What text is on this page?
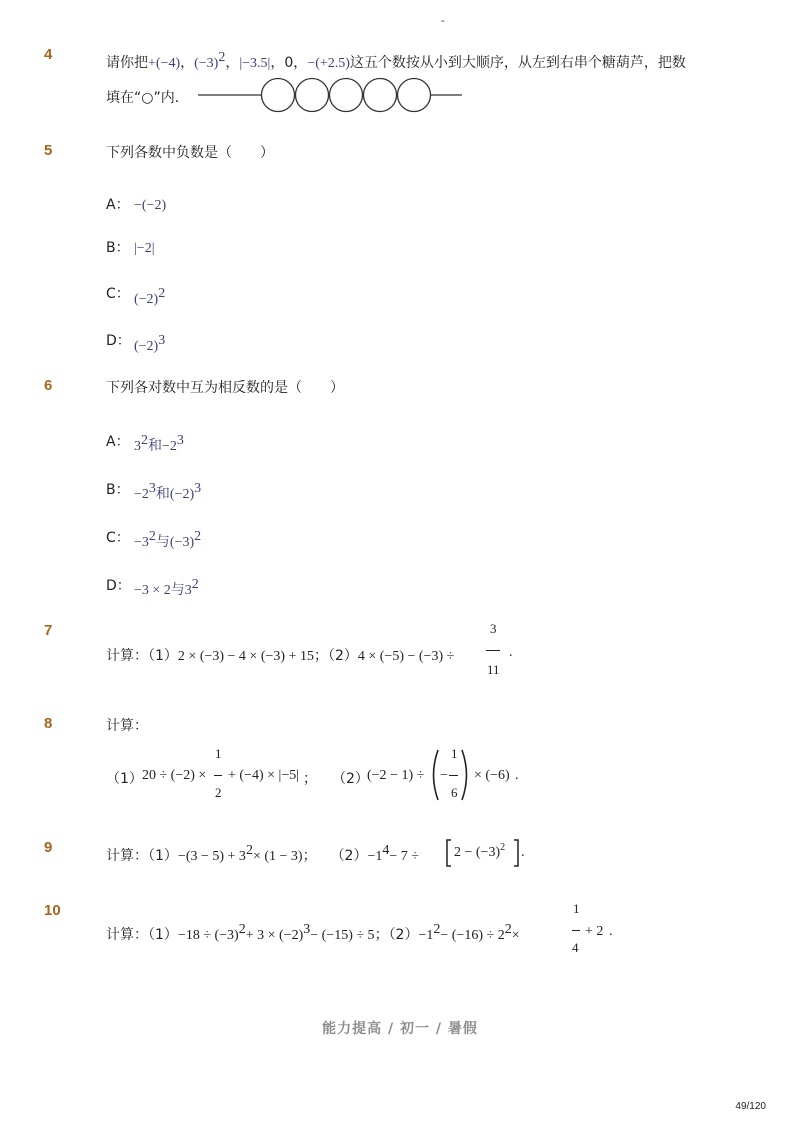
-
4	请你把+(−4)，$(-3)^2$，|−3.5|，0，−(+2.5)这五个数按从小到大顺序，从左到右串个糖葫芦，把数
填在“○”内．
5	下列各数中负数是（　　）
A： −(−2)
B： |−2|
C： $(-2)^2$
D： $(-2)^3$
6	下列各对数中互为相反数的是（　　）
A： $3^2$和$-2^3$
B： $-2^3$和$(-2)^3$
C： $-3^2$与$(-3)^2$
D： −3 × 2与$3^2$
7
计算：（1）2 × (−3) − 4 × (−3) + 15；（2）4 × (−5) − (−3) ÷
3
11
.
8	计算：
（1） 20 ÷ (−2) ×
1
2
+ (−4) × |−5| ； （2）
(−2 − 1) ÷ −
1
6
× (−6) .
9	计算：$(1)-(3 - 5) + 3^2\times (1 - 3)$； $(2)-1^4- 7$ ÷	$2 - (-3)^2$ .
10
计算：$(1)-18 \div (-3)^2+ 3 \times (-2)^3- (-15) \div 5$；$(2)-1^2- (-16) \div 2^2\times$
1
4
+ 2 .
能力提高 / 初一 / 暑假
49/120
